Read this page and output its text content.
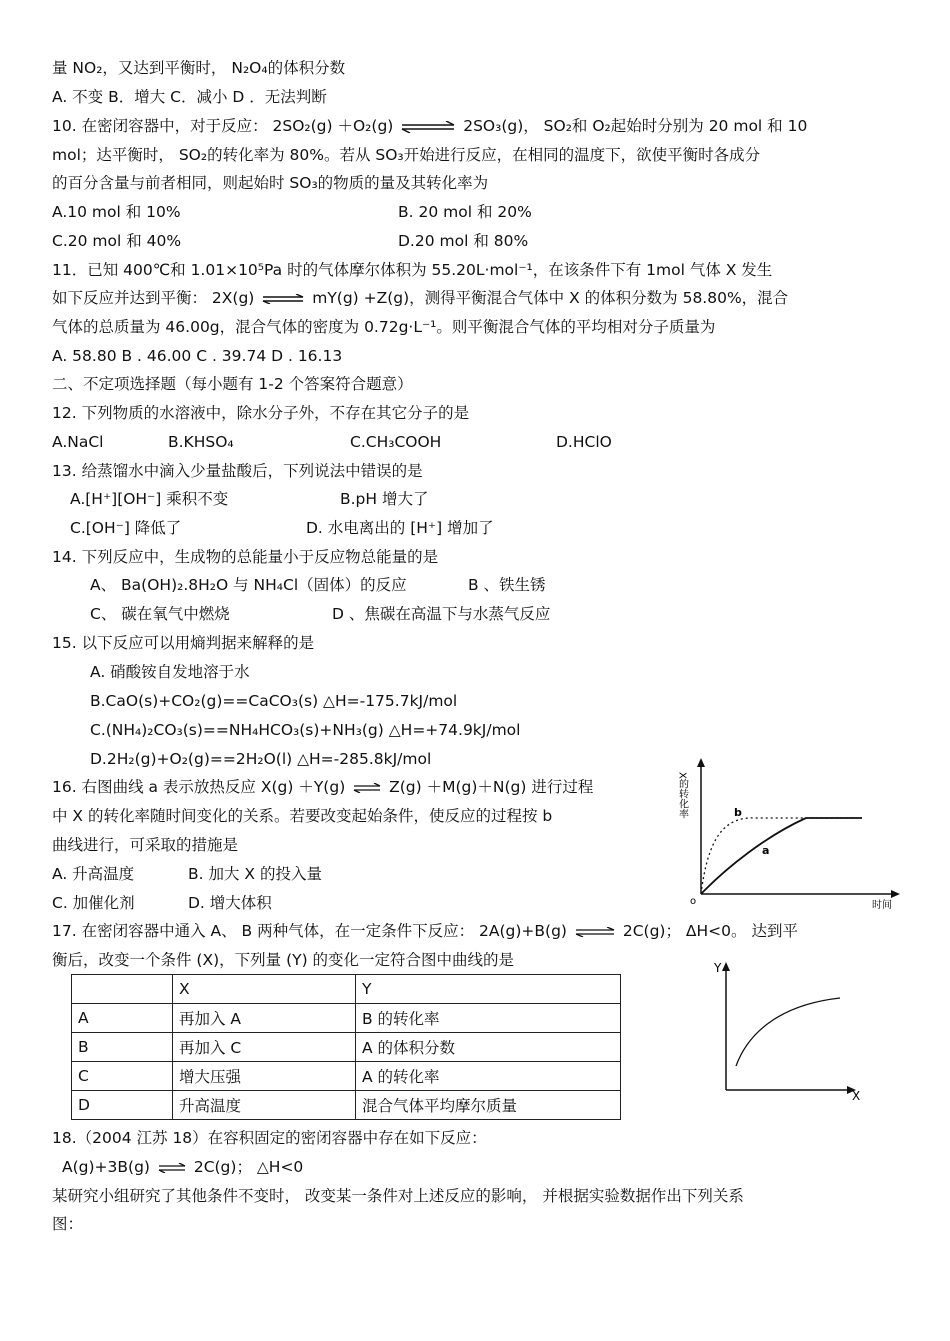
量 NO₂，又达到平衡时， N₂O₄的体积分数
A. 不变 B．增大 C．减小 D ．无法判断
10. 在密闭容器中，对于反应： 2SO₂(g) ＋O₂(g) ⇌ 2SO₃(g)， SO₂和 O₂起始时分别为 20 mol 和 10
mol；达平衡时， SO₂的转化率为 80%。若从 SO₃开始进行反应，在相同的温度下，欲使平衡时各成分
的百分含量与前者相同，则起始时 SO₃的物质的量及其转化率为
A.10 mol 和 10%	B. 20 mol 和 20%
C.20 mol 和 40%	D.20 mol 和 80%
11．已知 400℃和 1.01×10⁵Pa 时的气体摩尔体积为 55.20L·mol⁻¹，在该条件下有 1mol 气体 X 发生
如下反应并达到平衡： 2X(g) ⇌ mY(g) +Z(g)，测得平衡混合气体中 X 的体积分数为 58.80%，混合
气体的总质量为 46.00g，混合气体的密度为 0.72g·L⁻¹。则平衡混合气体的平均相对分子质量为
A. 58.80 B . 46.00 C . 39.74 D . 16.13
二、不定项选择题（每小题有 1-2 个答案符合题意）
12. 下列物质的水溶液中，除水分子外，不存在其它分子的是
A.NaCl	B.KHSO₄	C.CH₃COOH	D.HClO
13. 给蒸馏水中滴入少量盐酸后，下列说法中错误的是
A.[H⁺][OH⁻] 乘积不变	B.pH 增大了
C.[OH⁻] 降低了	D. 水电离出的 [H⁺] 增加了
14. 下列反应中，生成物的总能量小于反应物总能量的是
A、 Ba(OH)₂.8H₂O 与 NH₄Cl（固体）的反应	B 、铁生锈
C、 碳在氧气中燃烧	D 、焦碳在高温下与水蒸气反应
15. 以下反应可以用熵判据来解释的是
A. 硝酸铵自发地溶于水
B.CaO(s)+CO₂(g)==CaCO₃(s) △H=-175.7kJ/mol
C.(NH₄)₂CO₃(s)==NH₄HCO₃(s)+NH₃(g) △H=+74.9kJ/mol
D.2H₂(g)+O₂(g)==2H₂O(l) △H=-285.8kJ/mol
16. 右图曲线 a 表示放热反应 X(g) ＋Y(g) ⇌ Z(g) ＋M(g)＋N(g) 进行过程
中 X 的转化率随时间变化的关系。若要改变起始条件，使反应的过程按 b
曲线进行，可采取的措施是
A. 升高温度	B. 加大 X 的投入量
C. 加催化剂	D. 增大体积
X的转化率
时间
o
b
a
17. 在密闭容器中通入 A、 B 两种气体，在一定条件下反应： 2A(g)+B(g) ⇌ 2C(g)； ΔH<0。 达到平
衡后，改变一个条件 (X)，下列量 (Y) 的变化一定符合图中曲线的是
	X	Y
A	再加入 A	B 的转化率
B	再加入 C	A 的体积分数
C	增大压强	A 的转化率
D	升高温度	混合气体平均摩尔质量
Y
X
18.（2004 江苏 18）在容积固定的密闭容器中存在如下反应：
A(g)+3B(g) ⇌ 2C(g)； △H<0
某研究小组研究了其他条件不变时， 改变某一条件对上述反应的影响， 并根据实验数据作出下列关系
图：
